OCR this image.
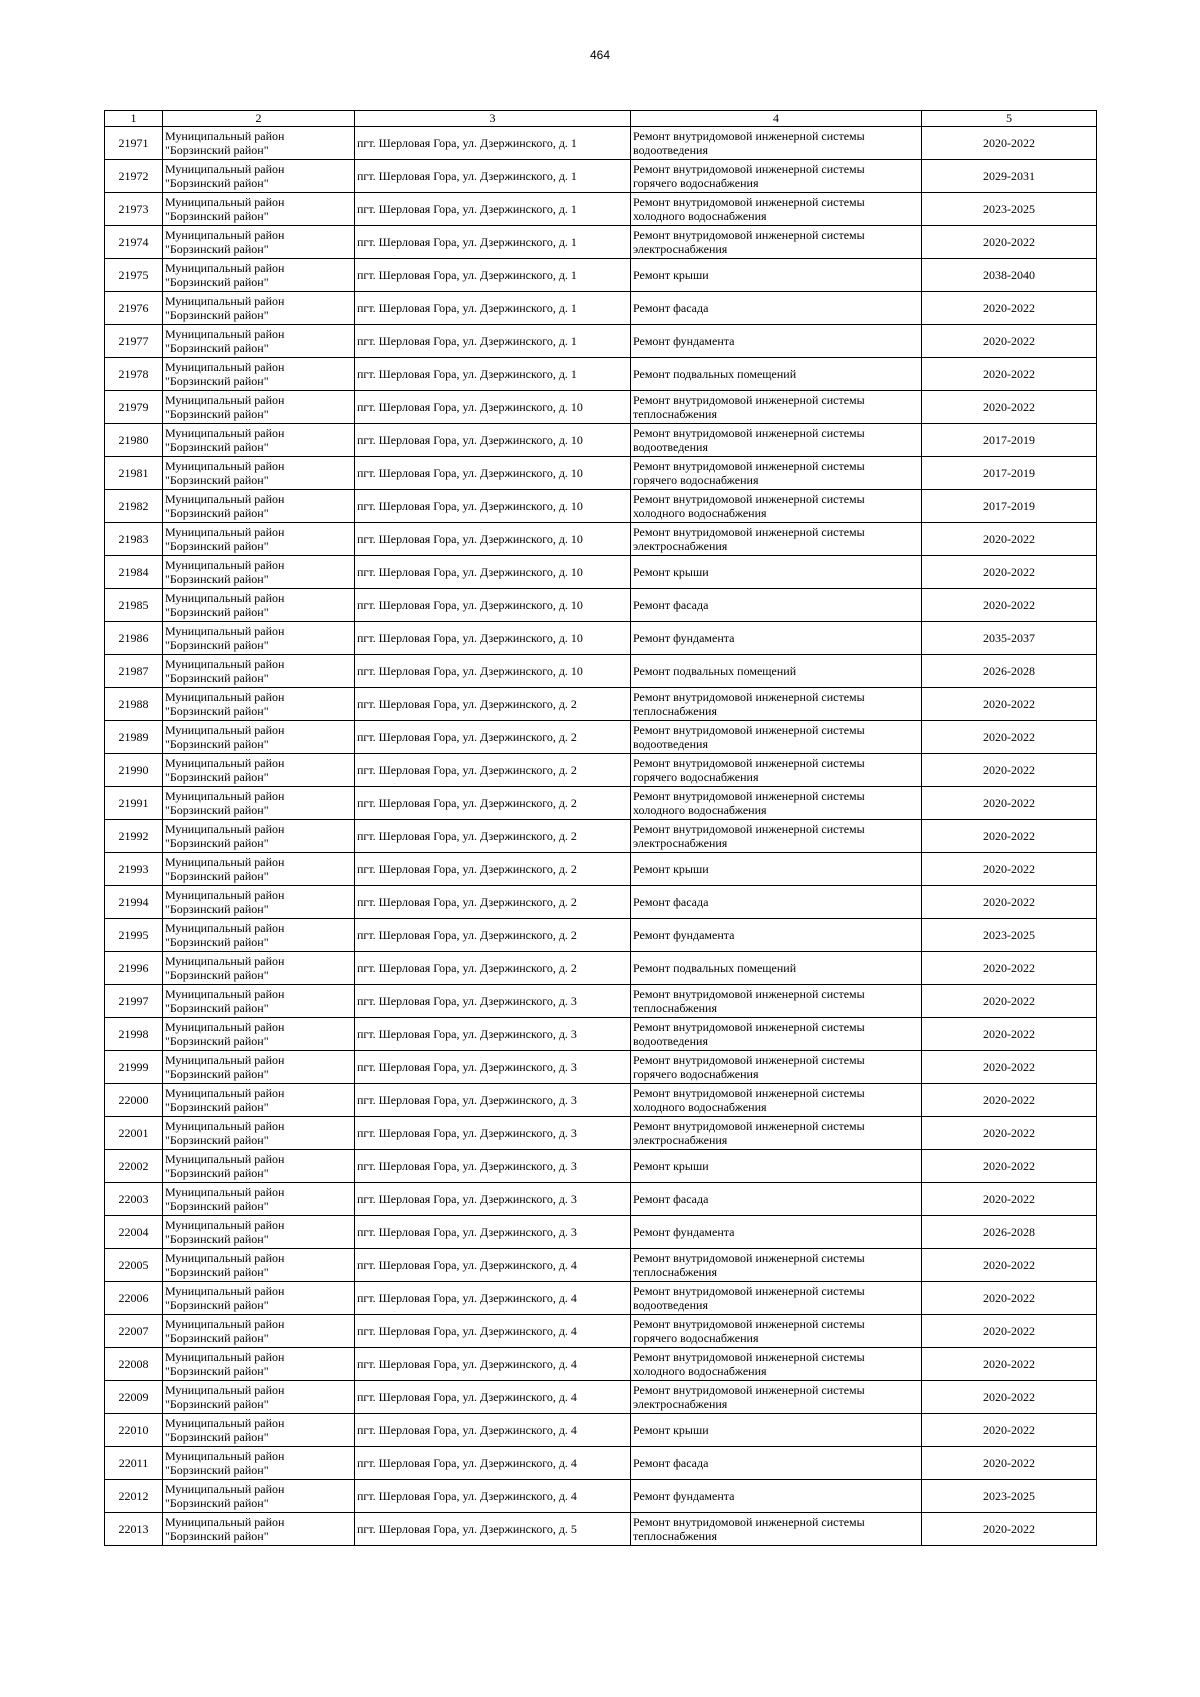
464
1	2	3	4	5
21971	Муниципальный район
"Борзинский район"	пгт. Шерловая Гора, ул. Дзержинского, д. 1	Ремонт внутридомовой инженерной системы
водоотведения	2020-2022
21972	Муниципальный район
"Борзинский район"	пгт. Шерловая Гора, ул. Дзержинского, д. 1	Ремонт внутридомовой инженерной системы
горячего водоснабжения	2029-2031
21973	Муниципальный район
"Борзинский район"	пгт. Шерловая Гора, ул. Дзержинского, д. 1	Ремонт внутридомовой инженерной системы
холодного водоснабжения	2023-2025
21974	Муниципальный район
"Борзинский район"	пгт. Шерловая Гора, ул. Дзержинского, д. 1	Ремонт внутридомовой инженерной системы
электроснабжения	2020-2022
21975	Муниципальный район
"Борзинский район"	пгт. Шерловая Гора, ул. Дзержинского, д. 1	Ремонт крыши	2038-2040
21976	Муниципальный район
"Борзинский район"	пгт. Шерловая Гора, ул. Дзержинского, д. 1	Ремонт фасада	2020-2022
21977	Муниципальный район
"Борзинский район"	пгт. Шерловая Гора, ул. Дзержинского, д. 1	Ремонт фундамента	2020-2022
21978	Муниципальный район
"Борзинский район"	пгт. Шерловая Гора, ул. Дзержинского, д. 1	Ремонт подвальных помещений	2020-2022
21979	Муниципальный район
"Борзинский район"	пгт. Шерловая Гора, ул. Дзержинского, д. 10	Ремонт внутридомовой инженерной системы
теплоснабжения	2020-2022
21980	Муниципальный район
"Борзинский район"	пгт. Шерловая Гора, ул. Дзержинского, д. 10	Ремонт внутридомовой инженерной системы
водоотведения	2017-2019
21981	Муниципальный район
"Борзинский район"	пгт. Шерловая Гора, ул. Дзержинского, д. 10	Ремонт внутридомовой инженерной системы
горячего водоснабжения	2017-2019
21982	Муниципальный район
"Борзинский район"	пгт. Шерловая Гора, ул. Дзержинского, д. 10	Ремонт внутридомовой инженерной системы
холодного водоснабжения	2017-2019
21983	Муниципальный район
"Борзинский район"	пгт. Шерловая Гора, ул. Дзержинского, д. 10	Ремонт внутридомовой инженерной системы
электроснабжения	2020-2022
21984	Муниципальный район
"Борзинский район"	пгт. Шерловая Гора, ул. Дзержинского, д. 10	Ремонт крыши	2020-2022
21985	Муниципальный район
"Борзинский район"	пгт. Шерловая Гора, ул. Дзержинского, д. 10	Ремонт фасада	2020-2022
21986	Муниципальный район
"Борзинский район"	пгт. Шерловая Гора, ул. Дзержинского, д. 10	Ремонт фундамента	2035-2037
21987	Муниципальный район
"Борзинский район"	пгт. Шерловая Гора, ул. Дзержинского, д. 10	Ремонт подвальных помещений	2026-2028
21988	Муниципальный район
"Борзинский район"	пгт. Шерловая Гора, ул. Дзержинского, д. 2	Ремонт внутридомовой инженерной системы
теплоснабжения	2020-2022
21989	Муниципальный район
"Борзинский район"	пгт. Шерловая Гора, ул. Дзержинского, д. 2	Ремонт внутридомовой инженерной системы
водоотведения	2020-2022
21990	Муниципальный район
"Борзинский район"	пгт. Шерловая Гора, ул. Дзержинского, д. 2	Ремонт внутридомовой инженерной системы
горячего водоснабжения	2020-2022
21991	Муниципальный район
"Борзинский район"	пгт. Шерловая Гора, ул. Дзержинского, д. 2	Ремонт внутридомовой инженерной системы
холодного водоснабжения	2020-2022
21992	Муниципальный район
"Борзинский район"	пгт. Шерловая Гора, ул. Дзержинского, д. 2	Ремонт внутридомовой инженерной системы
электроснабжения	2020-2022
21993	Муниципальный район
"Борзинский район"	пгт. Шерловая Гора, ул. Дзержинского, д. 2	Ремонт крыши	2020-2022
21994	Муниципальный район
"Борзинский район"	пгт. Шерловая Гора, ул. Дзержинского, д. 2	Ремонт фасада	2020-2022
21995	Муниципальный район
"Борзинский район"	пгт. Шерловая Гора, ул. Дзержинского, д. 2	Ремонт фундамента	2023-2025
21996	Муниципальный район
"Борзинский район"	пгт. Шерловая Гора, ул. Дзержинского, д. 2	Ремонт подвальных помещений	2020-2022
21997	Муниципальный район
"Борзинский район"	пгт. Шерловая Гора, ул. Дзержинского, д. 3	Ремонт внутридомовой инженерной системы
теплоснабжения	2020-2022
21998	Муниципальный район
"Борзинский район"	пгт. Шерловая Гора, ул. Дзержинского, д. 3	Ремонт внутридомовой инженерной системы
водоотведения	2020-2022
21999	Муниципальный район
"Борзинский район"	пгт. Шерловая Гора, ул. Дзержинского, д. 3	Ремонт внутридомовой инженерной системы
горячего водоснабжения	2020-2022
22000	Муниципальный район
"Борзинский район"	пгт. Шерловая Гора, ул. Дзержинского, д. 3	Ремонт внутридомовой инженерной системы
холодного водоснабжения	2020-2022
22001	Муниципальный район
"Борзинский район"	пгт. Шерловая Гора, ул. Дзержинского, д. 3	Ремонт внутридомовой инженерной системы
электроснабжения	2020-2022
22002	Муниципальный район
"Борзинский район"	пгт. Шерловая Гора, ул. Дзержинского, д. 3	Ремонт крыши	2020-2022
22003	Муниципальный район
"Борзинский район"	пгт. Шерловая Гора, ул. Дзержинского, д. 3	Ремонт фасада	2020-2022
22004	Муниципальный район
"Борзинский район"	пгт. Шерловая Гора, ул. Дзержинского, д. 3	Ремонт фундамента	2026-2028
22005	Муниципальный район
"Борзинский район"	пгт. Шерловая Гора, ул. Дзержинского, д. 4	Ремонт внутридомовой инженерной системы
теплоснабжения	2020-2022
22006	Муниципальный район
"Борзинский район"	пгт. Шерловая Гора, ул. Дзержинского, д. 4	Ремонт внутридомовой инженерной системы
водоотведения	2020-2022
22007	Муниципальный район
"Борзинский район"	пгт. Шерловая Гора, ул. Дзержинского, д. 4	Ремонт внутридомовой инженерной системы
горячего водоснабжения	2020-2022
22008	Муниципальный район
"Борзинский район"	пгт. Шерловая Гора, ул. Дзержинского, д. 4	Ремонт внутридомовой инженерной системы
холодного водоснабжения	2020-2022
22009	Муниципальный район
"Борзинский район"	пгт. Шерловая Гора, ул. Дзержинского, д. 4	Ремонт внутридомовой инженерной системы
электроснабжения	2020-2022
22010	Муниципальный район
"Борзинский район"	пгт. Шерловая Гора, ул. Дзержинского, д. 4	Ремонт крыши	2020-2022
22011	Муниципальный район
"Борзинский район"	пгт. Шерловая Гора, ул. Дзержинского, д. 4	Ремонт фасада	2020-2022
22012	Муниципальный район
"Борзинский район"	пгт. Шерловая Гора, ул. Дзержинского, д. 4	Ремонт фундамента	2023-2025
22013	Муниципальный район
"Борзинский район"	пгт. Шерловая Гора, ул. Дзержинского, д. 5	Ремонт внутридомовой инженерной системы
теплоснабжения	2020-2022
